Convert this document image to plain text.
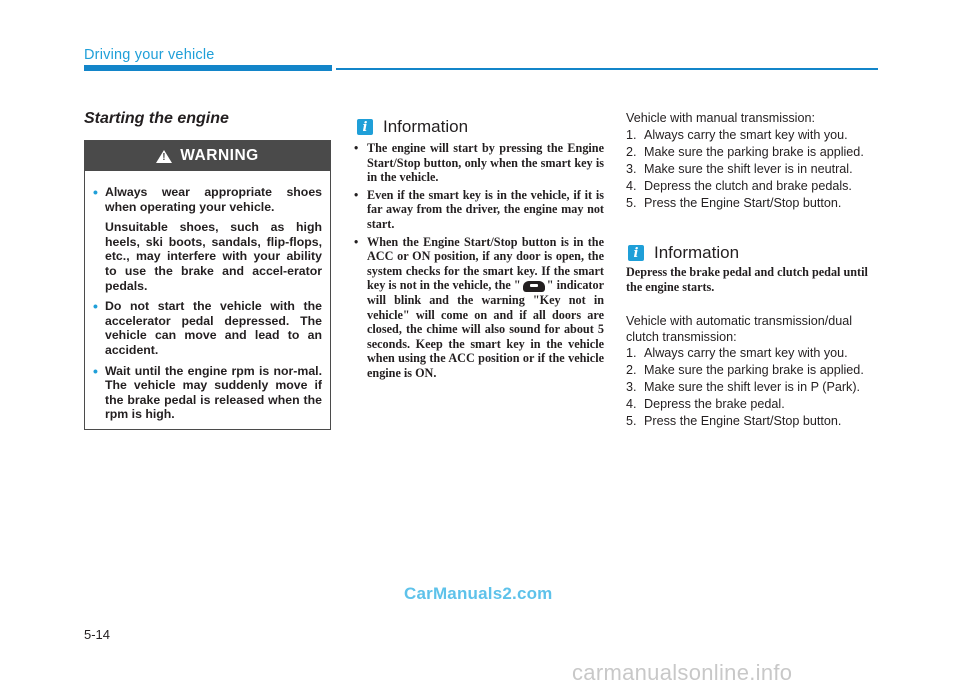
Driving your vehicle
Starting the engine
! WARNING
• Always wear appropriate shoes when operating your vehicle.

Unsuitable shoes, such as high heels, ski boots, sandals, flip-flops, etc., may interfere with your ability to use the brake and accel-erator pedals.

• Do not start the vehicle with the accelerator pedal depressed. The vehicle can move and lead to an accident.

• Wait until the engine rpm is nor-mal. The vehicle may suddenly move if the brake pedal is released when the rpm is high.

i Information
• The engine will start by pressing the Engine Start/Stop button, only when the smart key is in the vehicle.
• Even if the smart key is in the vehicle, if it is far away from the driver, the engine may not start.
• When the Engine Start/Stop button is in the ACC or ON position, if any door is open, the system checks for the smart key. If the smart key is not in the vehicle, the " " indicator will blink and the warning "Key not in vehicle" will come on and if all doors are closed, the chime will also sound for about 5 seconds. Keep the smart key in the vehicle when using the ACC position or if the vehicle engine is ON.
Vehicle with manual transmission:
1. Always carry the smart key with you.
2. Make sure the parking brake is applied.
3. Make sure the shift lever is in neutral.
4. Depress the clutch and brake pedals.
5. Press the Engine Start/Stop button.
i Information
Depress the brake pedal and clutch pedal until the engine starts.
Vehicle with automatic transmission/dual clutch transmission:
1. Always carry the smart key with you.
2. Make sure the parking brake is applied.
3. Make sure the shift lever is in P (Park).
4. Depress the brake pedal.
5. Press the Engine Start/Stop button.
CarManuals2.com
5-14
carmanualsonline.info
